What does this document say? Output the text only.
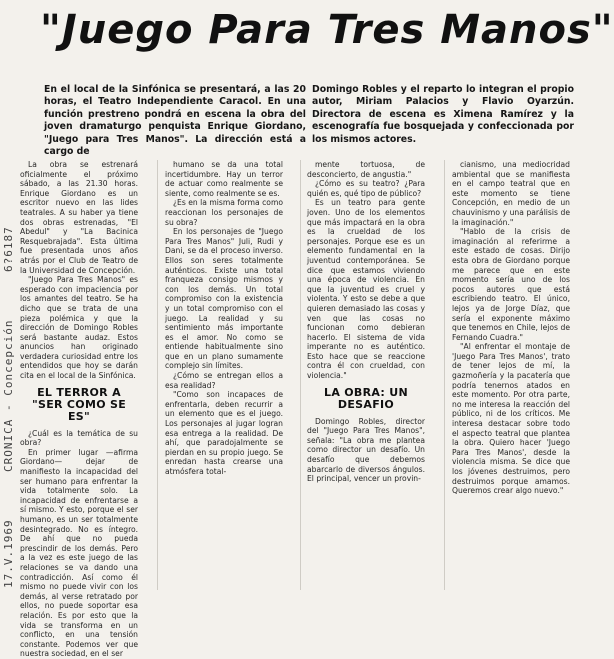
17.V.1969 CRONICA - Concepción 6?6187
"Juego Para Tres Manos"
En el local de la Sinfónica se presentará, a las 20 horas, el Teatro Independiente Caracol. En una función prestreno pondrá en escena la obra del joven dramaturgo penquista Enrique Giordano, "Juego para Tres Manos". La dirección está a cargo de
Domingo Robles y el reparto lo integran el propio autor, Miriam Palacios y Flavio Oyarzún. Directora de escena es Ximena Ramírez y la escenografía fue bosquejada y confeccionada por los mismos actores.

La obra se estrenará oficialmente el próximo sábado, a las 21.30 horas. Enrique Giordano es un escritor nuevo en las lides teatrales. A su haber ya tiene dos obras estrenadas, "El Abedul" y "La Bacinica Resquebrajada". Esta última fue presentada unos años atrás por el Club de Teatro de la Universidad de Concepción.

"Juego Para Tres Manos" es esperado con impaciencia por los amantes del teatro. Se ha dicho que se trata de una pieza polémica y que la dirección de Domingo Robles será bastante audaz. Estos anuncios han originado verdadera curiosidad entre los entendidos que hoy se darán cita en el local de la Sinfónica.

EL TERROR A "SER COMO SE ES"

¿Cuál es la temática de su obra?

En primer lugar —afirma Giordano— dejar de manifiesto la incapacidad del ser humano para enfrentar la vida totalmente solo. La incapacidad de enfrentarse a sí mismo. Y esto, porque el ser humano, es un ser totalmente desintegrado. No es íntegro. De ahí que no pueda prescindir de los demás. Pero a la vez es este juego de las relaciones se va dando una contradicción. Así como él mismo no puede vivir con los demás, al verse retratado por ellos, no puede soportar esa relación. Es por esto que la vida se transforma en un conflicto, en una tensión constante. Podemos ver que nuestra sociedad, en el ser

humano se da una total incertidumbre. Hay un terror de actuar como realmente se siente, como realmente se es.

¿Es en la misma forma como reaccionan los personajes de su obra?

En los personajes de "Juego Para Tres Manos" Juli, Rudi y Dani, se da el proceso inverso. Ellos son seres totalmente auténticos. Existe una total franqueza consigo mismos y con los demás. Un total compromiso con la existencia y un total compromiso con el juego. La realidad y su sentimiento más importante es el amor. No como se entiende habitualmente sino que en un plano sumamente complejo sin límites.

¿Cómo se entregan ellos a esa realidad?

"Como son incapaces de enfrentarla, deben recurrir a un elemento que es el juego. Los personajes al jugar logran esa entrega a la realidad. De ahí, que paradojalmente se pierdan en su propio juego. Se enredan hasta crearse una atmósfera total-

mente tortuosa, de desconcierto, de angustia."

¿Cómo es su teatro? ¿Para quién es, qué tipo de público?

Es un teatro para gente joven. Uno de los elementos que más impactará en la obra es la crueldad de los personajes. Porque ese es un elemento fundamental en la juventud contemporánea. Se dice que estamos viviendo una época de violencia. En que la juventud es cruel y violenta. Y esto se debe a que quieren demasiado las cosas y ven que las cosas no funcionan como debieran hacerlo. El sistema de vida imperante no es auténtico. Esto hace que se reaccione contra él con crueldad, con violencia."

LA OBRA: UN DESAFIO

Domingo Robles, director del "Juego Para Tres Manos", señala: "La obra me plantea como director un desafío. Un desafío que debemos abarcarlo de diversos ángulos. El principal, vencer un provin-

cianismo, una mediocridad ambiental que se manifiesta en el campo teatral que en este momento se tiene Concepción, en medio de un chauvinismo y una parálisis de la imaginación."

"Hablo de la crisis de imaginación al referirme a este estado de cosas. Dirijo esta obra de Giordano porque me parece que en este momento sería uno de los pocos autores que está escribiendo teatro. El único, lejos ya de Jorge Díaz, que sería el exponente máximo que tenemos en Chile, lejos de Fernando Cuadra."

"Al enfrentar el montaje de 'Juego Para Tres Manos', trato de tener lejos de mí, la gazmoñería y la pacatería que podría tenernos atados en este momento. Por otra parte, no me interesa la reacción del público, ni de los críticos. Me interesa destacar sobre todo el aspecto teatral que plantea la obra. Quiero hacer 'Juego Para Tres Manos', desde la violencia misma. Se dice que los jóvenes destruimos, pero destruimos porque amamos. Queremos crear algo nuevo."
